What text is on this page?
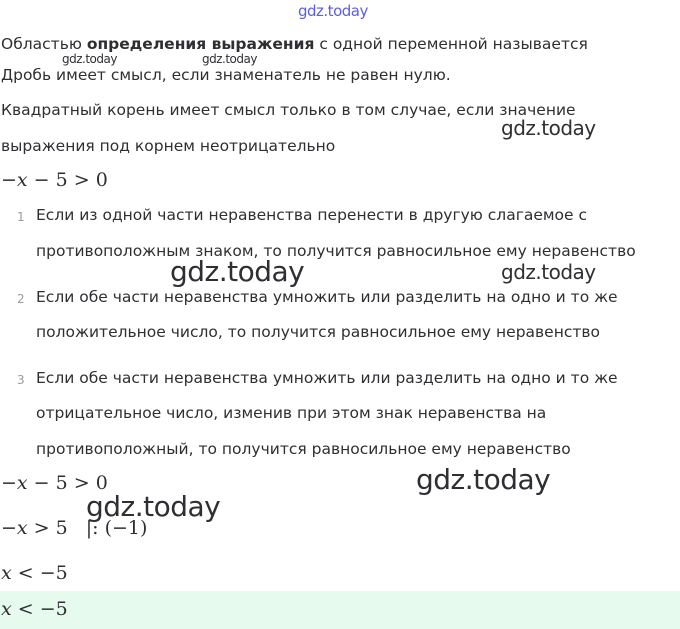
gdz.today
gdz.today	gdz.today
gdz.today
gdz.today	gdz.today
gdz.today
gdz.today
Областью определения выражения с одной переменной называется
Дробь имеет смысл, если знаменатель не равен нулю.
Квадратный корень имеет смысл только в том случае, если значение
выражения под корнем неотрицательно
−x − 5 > 0
1 Если из одной части неравенства перенести в другую слагаемое с
противоположным знаком, то получится равносильное ему неравенство
2 Если обе части неравенства умножить или разделить на одно и то же
положительное число, то получится равносильное ему неравенство
3 Если обе части неравенства умножить или разделить на одно и то же
отрицательное число, изменив при этом знак неравенства на
противоположный, то получится равносильное ему неравенство
−x − 5 > 0
−x > 5 |: (−1)
x < −5
x < −5
